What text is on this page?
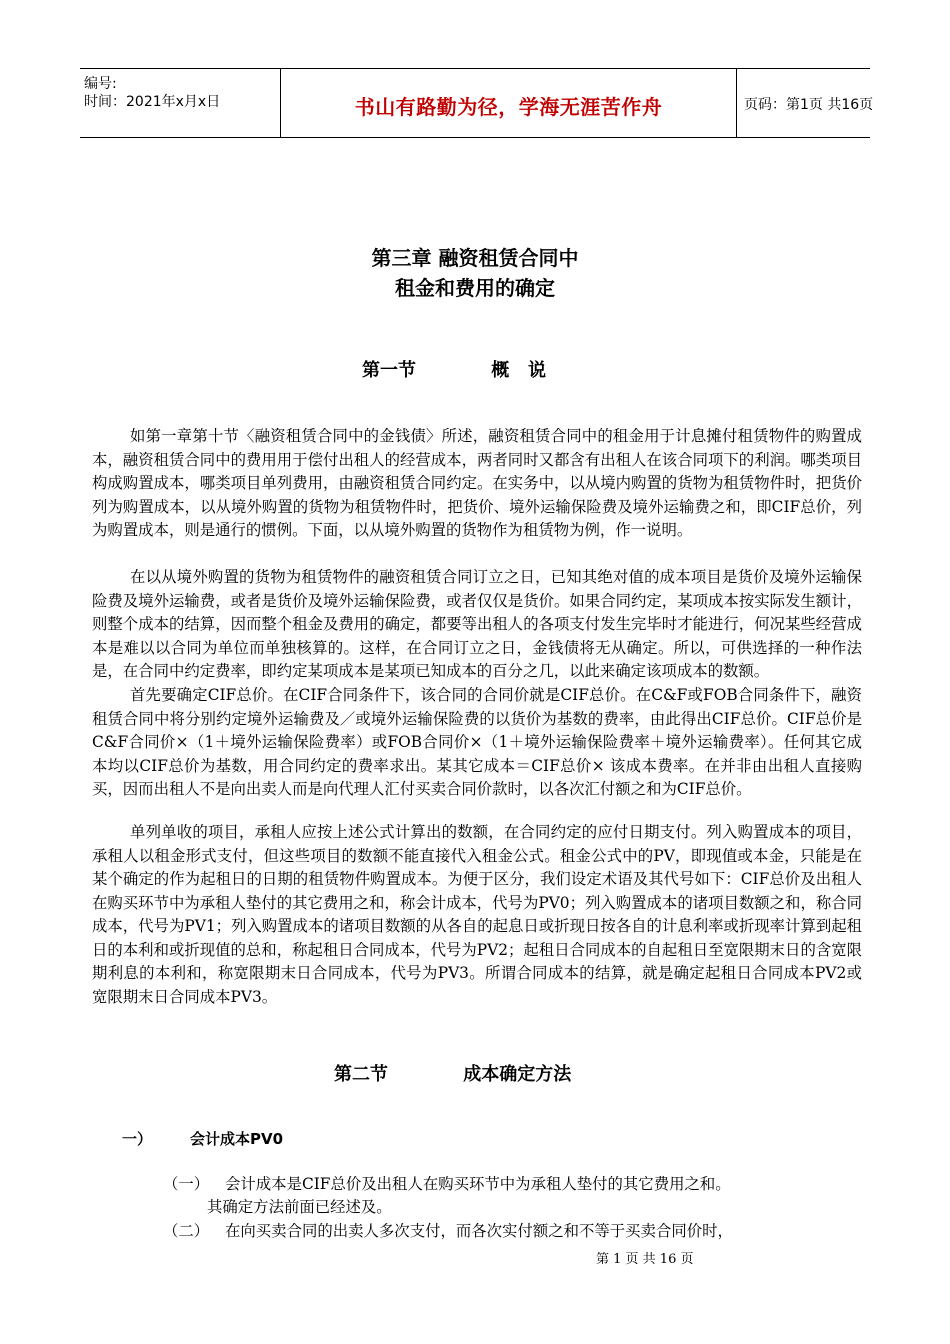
编号:
时间：2021年x月x日	书山有路勤为径，学海无涯苦作舟	页码：第1页 共16页
第三章 融资租赁合同中
租金和费用的确定
第一节            概   说

如第一章第十节〈融资租赁合同中的金钱债〉所述，融资租赁合同中的租金用于计息摊付租赁物件的购置成本，融资租赁合同中的费用用于偿付出租人的经营成本，两者同时又都含有出租人在该合同项下的利润。哪类项目构成购置成本，哪类项目单列费用，由融资租赁合同约定。在实务中，以从境内购置的货物为租赁物件时，把货价列为购置成本，以从境外购置的货物为租赁物件时，把货价、境外运输保险费及境外运输费之和，即CIF总价，列为购置成本，则是通行的惯例。下面，以从境外购置的货物作为租赁物为例，作一说明。

在以从境外购置的货物为租赁物件的融资租赁合同订立之日，已知其绝对值的成本项目是货价及境外运输保险费及境外运输费，或者是货价及境外运输保险费，或者仅仅是货价。如果合同约定，某项成本按实际发生额计，则整个成本的结算，因而整个租金及费用的确定，都要等出租人的各项支付发生完毕时才能进行，何况某些经营成本是难以以合同为单位而单独核算的。这样，在合同订立之日，金钱债将无从确定。所以，可供选择的一种作法是，在合同中约定费率，即约定某项成本是某项已知成本的百分之几，以此来确定该项成本的数额。

首先要确定CIF总价。在CIF合同条件下，该合同的合同价就是CIF总价。在C&F或FOB合同条件下，融资租赁合同中将分别约定境外运输费及／或境外运输保险费的以货价为基数的费率，由此得出CIF总价。CIF总价是C&F合同价×（1＋境外运输保险费率）或FOB合同价×（1＋境外运输保险费率＋境外运输费率）。任何其它成本均以CIF总价为基数，用合同约定的费率求出。某其它成本＝CIF总价× 该成本费率。在并非由出租人直接购买，因而出租人不是向出卖人而是向代理人汇付买卖合同价款时，以各次汇付额之和为CIF总价。

单列单收的项目，承租人应按上述公式计算出的数额，在合同约定的应付日期支付。列入购置成本的项目，承租人以租金形式支付，但这些项目的数额不能直接代入租金公式。租金公式中的PV，即现值或本金，只能是在某个确定的作为起租日的日期的租赁物件购置成本。为便于区分，我们设定术语及其代号如下：CIF总价及出租人在购买环节中为承租人垫付的其它费用之和，称会计成本，代号为PV0；列入购置成本的诸项目数额之和，称合同成本，代号为PV1；列入购置成本的诸项目数额的从各自的起息日或折现日按各自的计息利率或折现率计算到起租日的本利和或折现值的总和，称起租日合同成本，代号为PV2；起租日合同成本的自起租日至宽限期末日的含宽限期利息的本利和，称宽限期末日合同成本，代号为PV3。所谓合同成本的结算，就是确定起租日合同成本PV2或宽限期末日合同成本PV3。

第二节            成本确定方法
一）	会计成本PV0
（一） 会计成本是CIF总价及出租人在购买环节中为承租人垫付的其它费用之和。
其确定方法前面已经述及。
（二） 在向买卖合同的出卖人多次支付，而各次实付额之和不等于买卖合同价时，
第 1 页 共 16 页
